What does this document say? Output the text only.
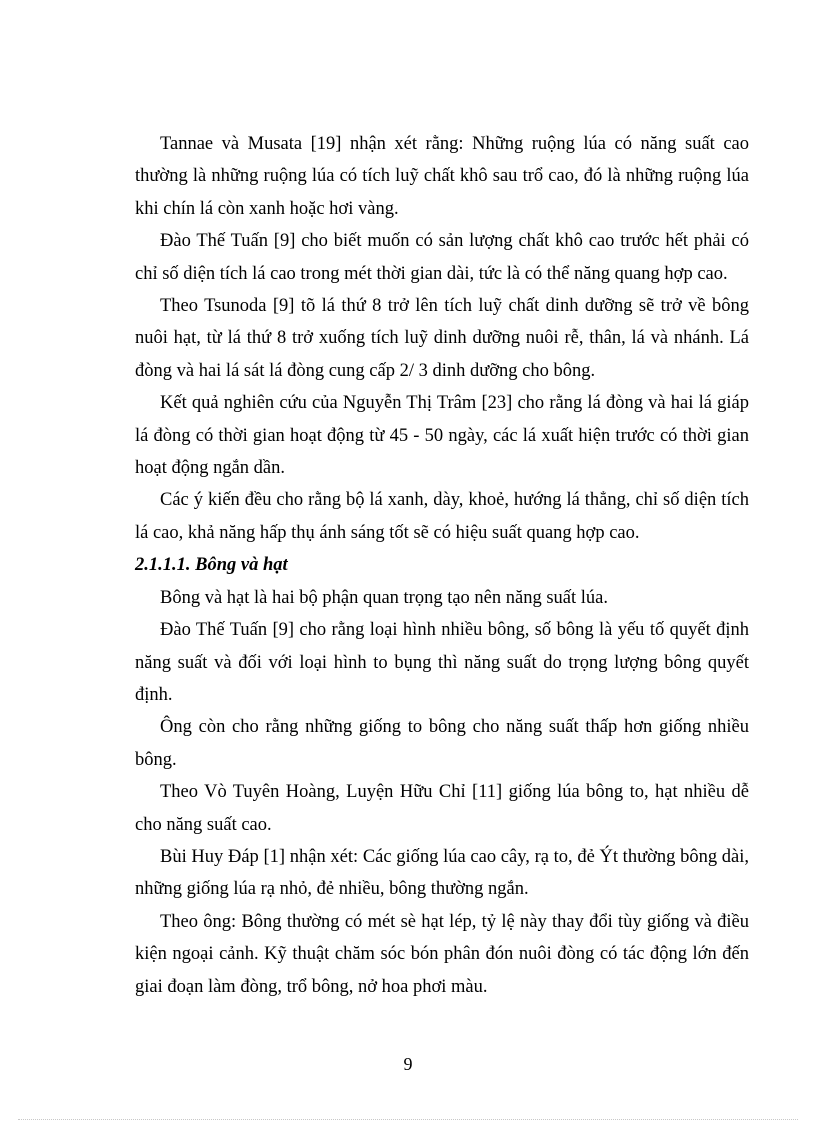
Tannae và Musata [19] nhận xét rằng: Những ruộng lúa có năng suất cao thường là những ruộng lúa có tích luỹ chất khô sau trổ cao, đó là những ruộng lúa khi chín lá còn xanh hoặc hơi vàng.

Đào Thế Tuấn [9] cho biết muốn có sản lượng chất khô cao trước hết phải có chỉ số diện tích lá cao trong mét thời gian dài, tức là có thể năng quang hợp cao.

Theo Tsunoda [9] tõ lá thứ 8 trở lên tích luỹ chất dinh dưỡng sẽ trở về bông nuôi hạt, từ lá thứ 8 trở xuống tích luỹ dinh dưỡng nuôi rễ, thân, lá và nhánh. Lá đòng và hai lá sát lá đòng cung cấp 2/ 3 dinh dưỡng cho bông.

Kết quả nghiên cứu của Nguyễn Thị Trâm [23] cho rằng lá đòng và hai lá giáp lá đòng có thời gian hoạt động từ 45 - 50 ngày, các lá xuất hiện trước có thời gian hoạt động ngắn dần.

Các ý kiến đều cho rằng bộ lá xanh, dày, khoẻ, hướng lá thẳng, chỉ số diện tích lá cao, khả năng hấp thụ ánh sáng tốt sẽ có hiệu suất quang hợp cao.

2.1.1.1. Bông và hạt

Bông và hạt là hai bộ phận quan trọng tạo nên năng suất lúa.

Đào Thế Tuấn [9] cho rằng loại hình nhiều bông, số bông là yếu tố quyết định năng suất và đối với loại hình to bụng thì năng suất do trọng lượng bông quyết định.

Ông còn cho rằng những giống to bông cho năng suất thấp hơn giống nhiều bông.

Theo Vò Tuyên Hoàng, Luyện Hữu Chỉ [11] giống lúa bông to, hạt nhiều dễ cho năng suất cao.

Bùi Huy Đáp [1] nhận xét: Các giống lúa cao cây, rạ to, đẻ Ýt thường bông dài, những giống lúa rạ nhỏ, đẻ nhiều, bông thường ngắn.

Theo ông: Bông thường có mét sè hạt lép, tỷ lệ này thay đổi tùy giống và điều kiện ngoại cảnh. Kỹ thuật chăm sóc bón phân đón nuôi đòng có tác động lớn đến giai đoạn làm đòng, trổ bông, nở hoa phơi màu.

9
